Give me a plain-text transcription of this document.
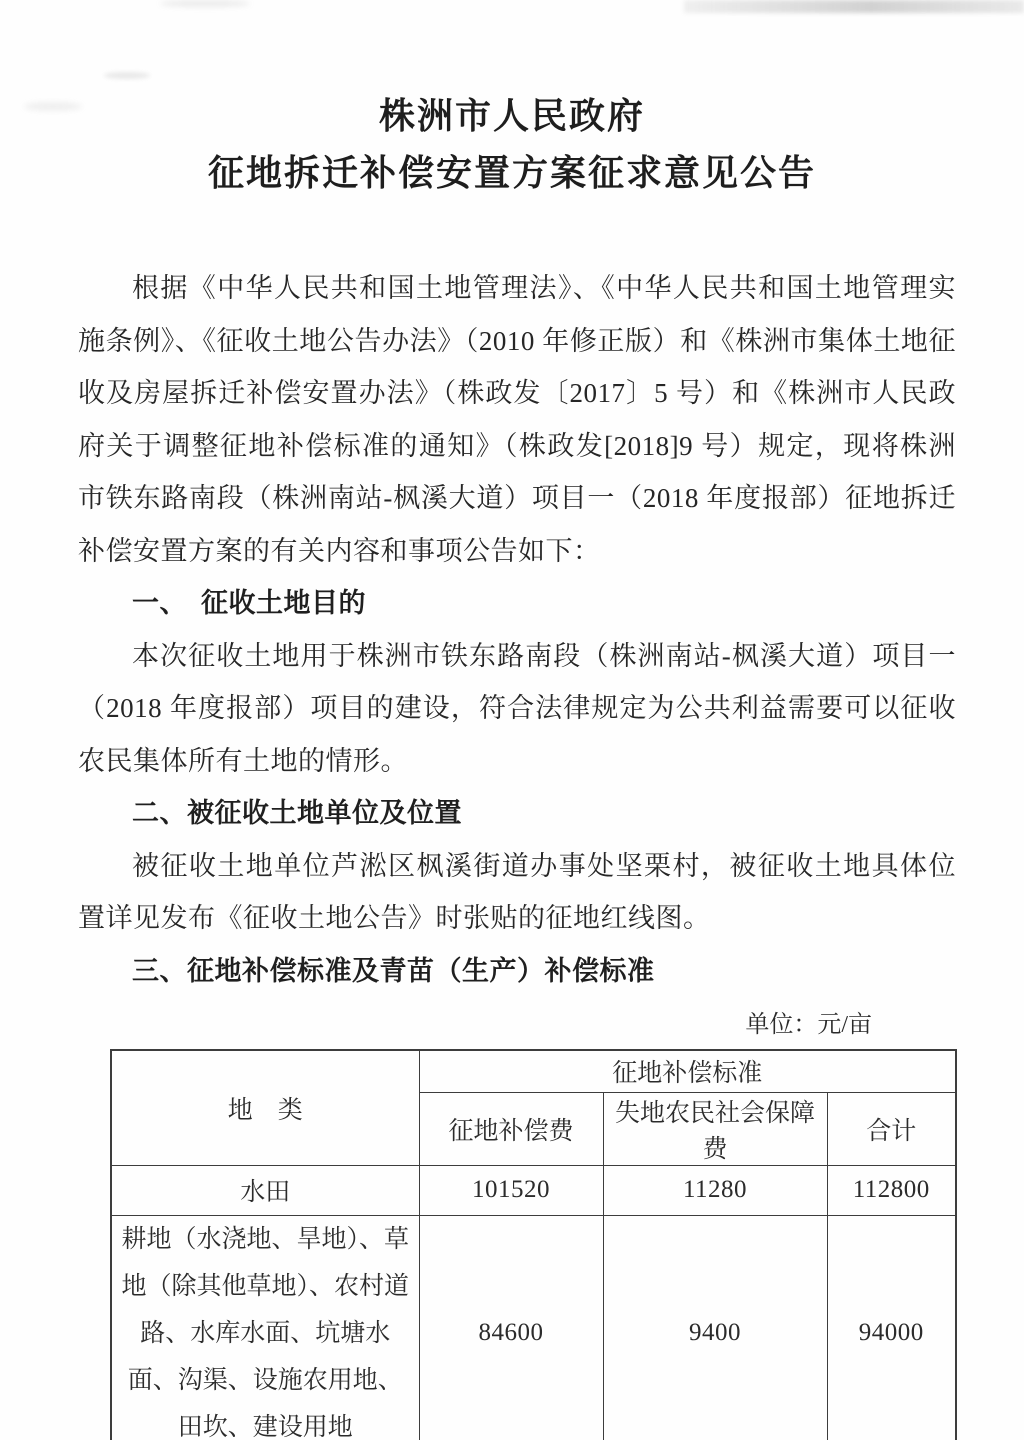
株洲市人民政府
征地拆迁补偿安置方案征求意见公告

根据《中华人民共和国土地管理法》、《中华人民共和国土地管理实施条例》、《征收土地公告办法》（2010 年修正版）和《株洲市集体土地征收及房屋拆迁补偿安置办法》（株政发〔2017〕5 号）和《株洲市人民政府关于调整征地补偿标准的通知》（株政发[2018]9 号）规定，现将株洲市铁东路南段（株洲南站-枫溪大道）项目一（2018 年度报部）征地拆迁补偿安置方案的有关内容和事项公告如下：

一、　征收土地目的

本次征收土地用于株洲市铁东路南段（株洲南站-枫溪大道）项目一（2018 年度报部）项目的建设，符合法律规定为公共利益需要可以征收农民集体所有土地的情形。

二、被征收土地单位及位置

被征收土地单位芦淞区枫溪街道办事处坚栗村，被征收土地具体位置详见发布《征收土地公告》时张贴的征地红线图。

三、征地补偿标准及青苗（生产）补偿标准

单位：元/亩
地　类	征地补偿标准		
	征地补偿费	失地农民社会保障费	合计
水田	101520	11280	112800
耕地（水浇地、旱地）、草地（除其他草地）、农村道路、水库水面、坑塘水面、沟渠、设施农用地、田坎、建设用地	84600	9400	94000
